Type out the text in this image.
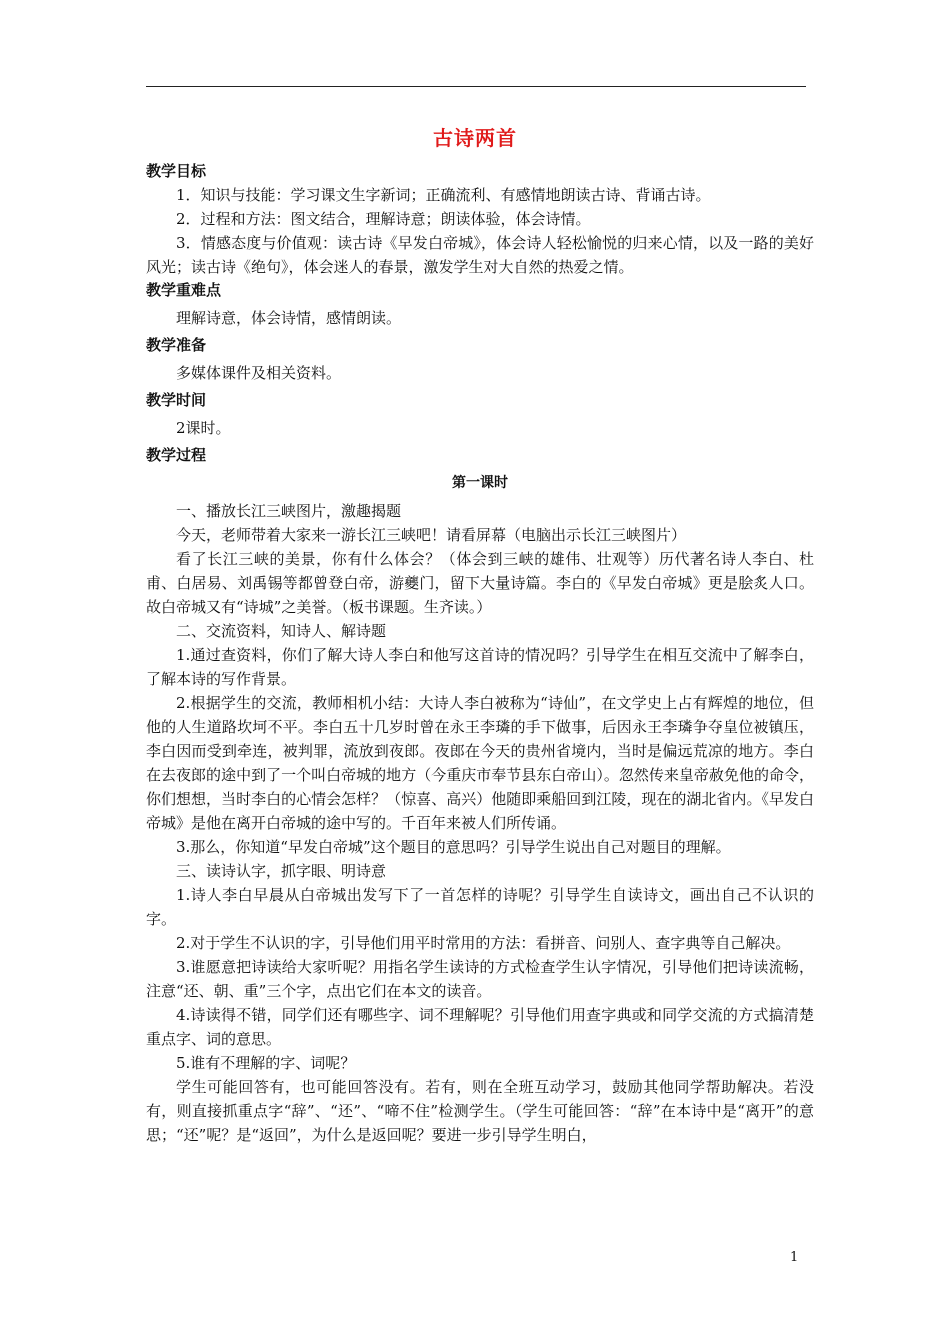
古诗两首

教学目标

1．知识与技能：学习课文生字新词；正确流利、有感情地朗读古诗、背诵古诗。

2．过程和方法：图文结合，理解诗意；朗读体验，体会诗情。

3．情感态度与价值观：读古诗《早发白帝城》，体会诗人轻松愉悦的归来心情，以及一路的美好风光；读古诗《绝句》，体会迷人的春景，激发学生对大自然的热爱之情。

教学重难点

理解诗意，体会诗情，感情朗读。

教学准备

多媒体课件及相关资料。

教学时间

2课时。

教学过程

第一课时

一、播放长江三峡图片，激趣揭题

今天，老师带着大家来一游长江三峡吧！请看屏幕（电脑出示长江三峡图片）

看了长江三峡的美景，你有什么体会？（体会到三峡的雄伟、壮观等）历代著名诗人李白、杜甫、白居易、刘禹锡等都曾登白帝，游夔门，留下大量诗篇。李白的《早发白帝城》更是脍炙人口。故白帝城又有“诗城”之美誉。（板书课题。生齐读。）

二、交流资料，知诗人、解诗题

1.通过查资料，你们了解大诗人李白和他写这首诗的情况吗？引导学生在相互交流中了解李白，了解本诗的写作背景。

2.根据学生的交流，教师相机小结：大诗人李白被称为“诗仙”，在文学史上占有辉煌的地位，但他的人生道路坎坷不平。李白五十几岁时曾在永王李璘的手下做事，后因永王李璘争夺皇位被镇压，李白因而受到牵连，被判罪，流放到夜郎。夜郎在今天的贵州省境内，当时是偏远荒凉的地方。李白在去夜郎的途中到了一个叫白帝城的地方（今重庆市奉节县东白帝山）。忽然传来皇帝赦免他的命令，你们想想，当时李白的心情会怎样？（惊喜、高兴）他随即乘船回到江陵，现在的湖北省内。《早发白帝城》是他在离开白帝城的途中写的。千百年来被人们所传诵。

3.那么，你知道“早发白帝城”这个题目的意思吗？引导学生说出自己对题目的理解。

三、读诗认字，抓字眼、明诗意

1.诗人李白早晨从白帝城出发写下了一首怎样的诗呢？引导学生自读诗文，画出自己不认识的字。

2.对于学生不认识的字，引导他们用平时常用的方法：看拼音、问别人、查字典等自己解决。

3.谁愿意把诗读给大家听呢？用指名学生读诗的方式检查学生认字情况，引导他们把诗读流畅，注意“还、朝、重”三个字，点出它们在本文的读音。

4.诗读得不错，同学们还有哪些字、词不理解呢？引导他们用查字典或和同学交流的方式搞清楚重点字、词的意思。

5.谁有不理解的字、词呢？

学生可能回答有，也可能回答没有。若有，则在全班互动学习，鼓励其他同学帮助解决。若没有，则直接抓重点字“辞”、“还”、“啼不住”检测学生。（学生可能回答：“辞”在本诗中是“离开”的意思；“还”呢？是“返回”，为什么是返回呢？要进一步引导学生明白，

1
